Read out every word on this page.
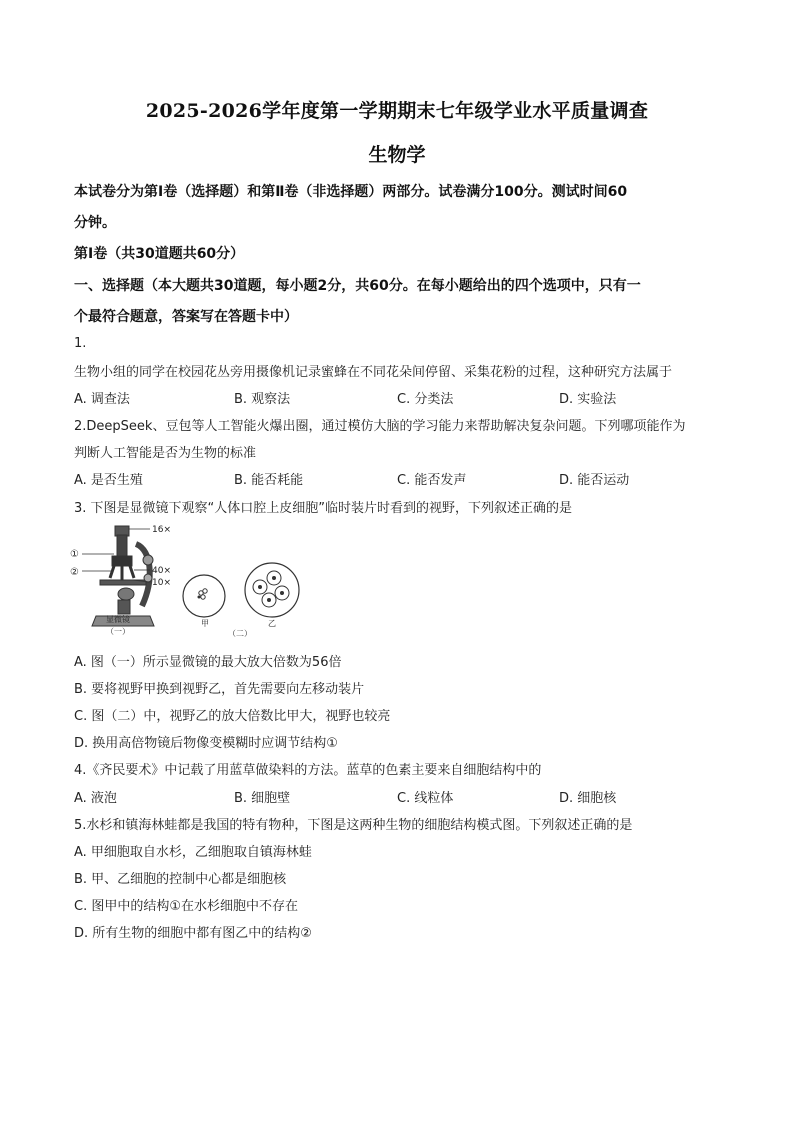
2025-2026学年度第一学期期末七年级学业水平质量调查
生物学
本试卷分为第Ⅰ卷（选择题）和第Ⅱ卷（非选择题）两部分。试卷满分100分。测试时间60
分钟。
第Ⅰ卷（共30道题共60分）
一、选择题（本大题共30道题，每小题2分，共60分。在每小题给出的四个选项中，只有一
个最符合题意，答案写在答题卡中）
1.
生物小组的同学在校园花丛旁用摄像机记录蜜蜂在不同花朵间停留、采集花粉的过程，这种研究方法属于
A. 调查法	B. 观察法	C. 分类法	D. 实验法
2.DeepSeek、豆包等人工智能火爆出圈，通过模仿大脑的学习能力来帮助解决复杂问题。下列哪项能作为
判断人工智能是否为生物的标准
A. 是否生殖	B. 能否耗能	C. 能否发声	D. 能否运动
3. 下图是显微镜下观察“人体口腔上皮细胞”临时装片时看到的视野，下列叙述正确的是
16×
40×
10×
①
②
显微镜
（一）
甲	乙
（二）
A. 图（一）所示显微镜的最大放大倍数为56倍
B. 要将视野甲换到视野乙，首先需要向左移动装片
C. 图（二）中，视野乙的放大倍数比甲大，视野也较亮
D. 换用高倍物镜后物像变模糊时应调节结构①
4.《齐民要术》中记载了用蓝草做染料的方法。蓝草的色素主要来自细胞结构中的
A. 液泡	B. 细胞壁	C. 线粒体	D. 细胞核
5.水杉和镇海林蛙都是我国的特有物种，下图是这两种生物的细胞结构模式图。下列叙述正确的是
A. 甲细胞取自水杉，乙细胞取自镇海林蛙
B. 甲、乙细胞的控制中心都是细胞核
C. 图甲中的结构①在水杉细胞中不存在
D. 所有生物的细胞中都有图乙中的结构②
